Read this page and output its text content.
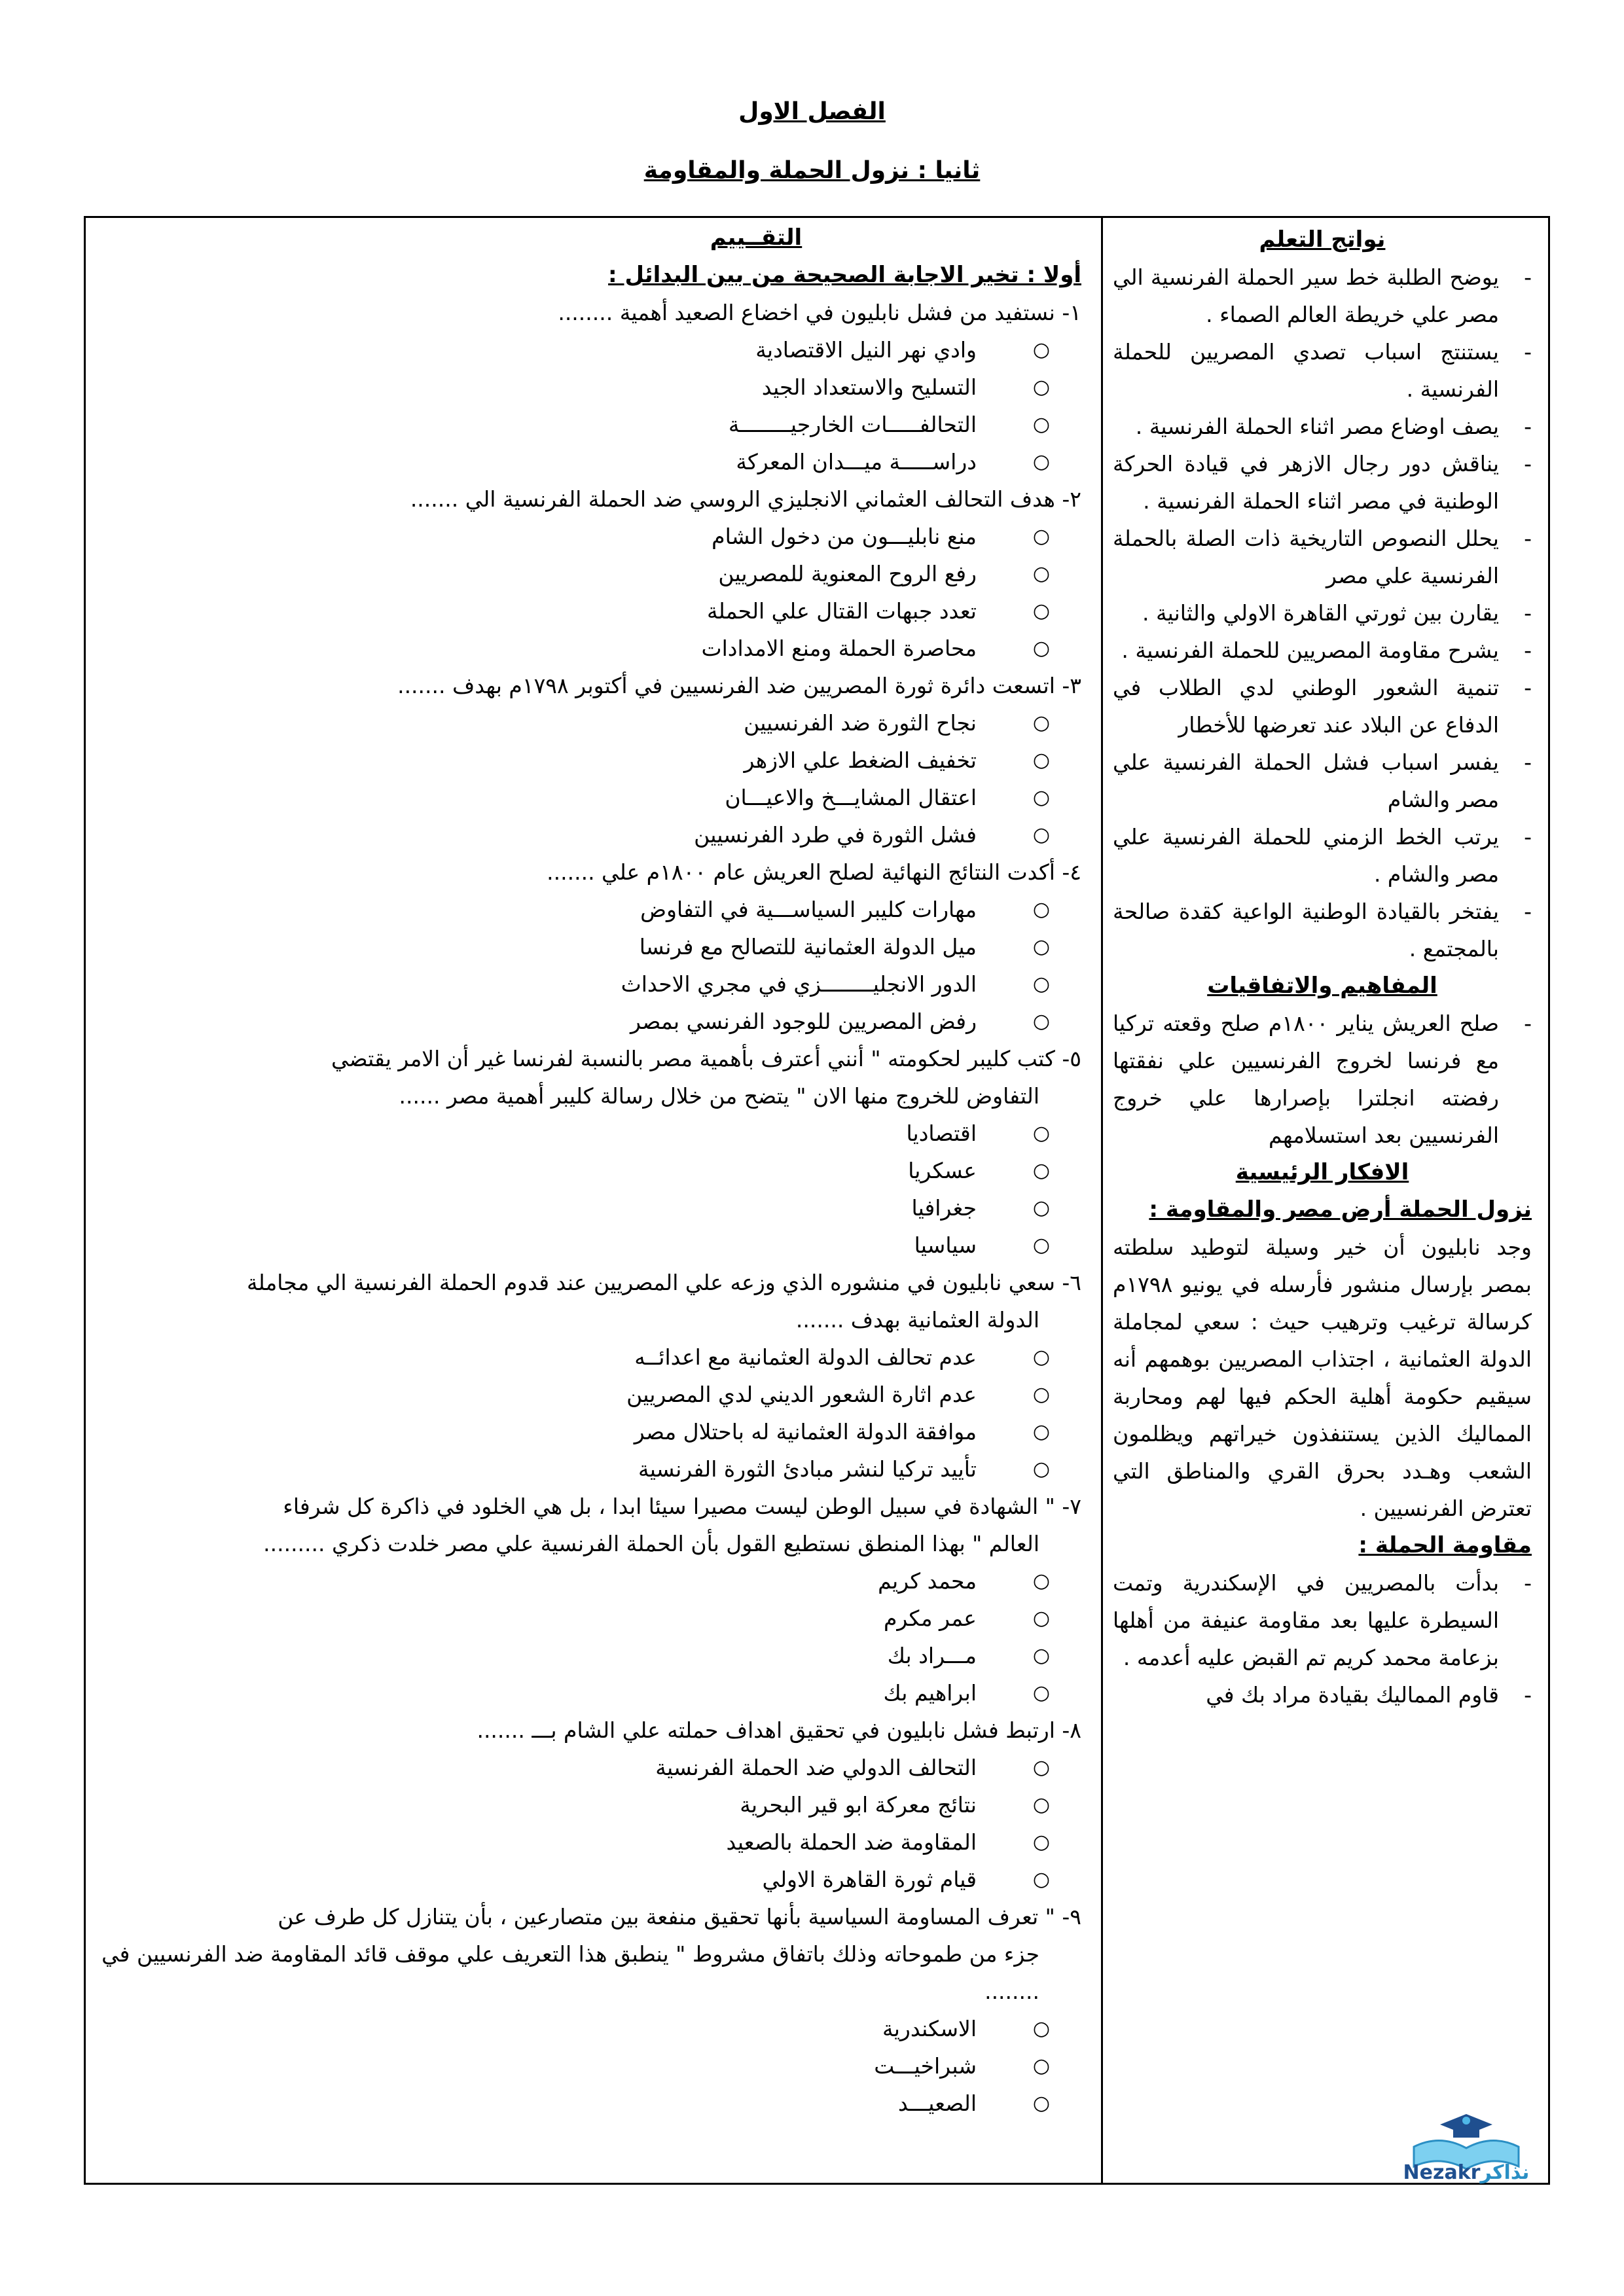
الفصل الاول
ثانيا : نزول الحملة والمقاومة

نواتج التعلم

- يوضح الطلبة خط سير الحملة الفرنسية الي مصر علي خريطة العالم الصماء .
- يستنتج اسباب تصدي المصريين للحملة الفرنسية .
- يصف اوضاع مصر اثناء الحملة الفرنسية .
- يناقش دور رجال الازهر في قيادة الحركة الوطنية في مصر اثناء الحملة الفرنسية .
- يحلل النصوص التاريخية ذات الصلة بالحملة الفرنسية علي مصر
- يقارن بين ثورتي القاهرة الاولي والثانية .
- يشرح مقاومة المصريين للحملة الفرنسية .
- تنمية الشعور الوطني لدي الطلاب في الدفاع عن البلاد عند تعرضها للأخطار
- يفسر اسباب فشل الحملة الفرنسية علي مصر والشام
- يرتب الخط الزمني للحملة الفرنسية علي مصر والشام .
- يفتخر بالقيادة الوطنية الواعية كقدة صالحة بالمجتمع .

المفاهيم والاتفاقيات

- صلح العريش يناير ١٨٠٠م صلح وقعته تركيا مع فرنسا لخروج الفرنسيين علي نفقتها رفضته انجلترا بإصرارها علي خروج الفرنسيين بعد استسلامهم

الافكار الرئيسية

نزول الحملة أرض مصر والمقاومة :

وجد نابليون أن خير وسيلة لتوطيد سلطته بمصر بإرسال منشور فأرسله في يونيو ١٧٩٨م كرسالة ترغيب وترهيب حيث : سعي لمجاملة الدولة العثمانية ، اجتذاب المصريين بوهمهم أنه سيقيم حكومة أهلية الحكم فيها لهم ومحاربة المماليك الذين يستنفذون خيراتهم ويظلمون الشعب وهـدد بحرق القري والمناطق التي تعترض الفرنسيين .

مقاومة الحملة :

- بدأت بالمصريين في الإسكندرية وتمت السيطرة عليها بعد مقاومة عنيفة من أهلها بزعامة محمد كريم تم القبض عليه أعدمه .
- قاوم المماليك بقيادة مراد بك في

التقــييم

أولا : تخير الاجابة الصحيحة من بين البدائل :

١- نستفيد من فشل نابليون في اخضاع الصعيد أهمية ........
○ وادي نهر النيل الاقتصادية
○ التسليح والاستعداد الجيد
○ التحالفـــــات الخارجيــــــــة
○ دراســـــة ميـــدان المعركة
٢- هدف التحالف العثماني الانجليزي الروسي ضد الحملة الفرنسية الي .......
○ منع نابليـــون من دخول الشام
○ رفع الروح المعنوية للمصريين
○ تعدد جبهات القتال علي الحملة
○ محاصرة الحملة ومنع الامدادات
٣- اتسعت دائرة ثورة المصريين ضد الفرنسيين في أكتوبر ١٧٩٨م بهدف .......
○ نجاح الثورة ضد الفرنسيين
○ تخفيف الضغط علي الازهر
○ اعتقال المشايـــخ والاعيـــان
○ فشل الثورة في طرد الفرنسيين
٤- أكدت النتائج النهائية لصلح العريش عام ١٨٠٠م علي .......
○ مهارات كليبر السياســـية في التفاوض
○ ميل الدولة العثمانية للتصالح مع فرنسا
○ الدور الانجليــــــــزي في مجري الاحداث
○ رفض المصريين للوجود الفرنسي بمصر
٥- كتب كليبر لحكومته " أنني أعترف بأهمية مصر بالنسبة لفرنسا غير أن الامر يقتضي
التفاوض للخروج منها الان " يتضح من خلال رسالة كليبر أهمية مصر ......
○ اقتصاديا
○ عسكريا
○ جغرافيا
○ سياسيا
٦- سعي نابليون في منشوره الذي وزعه علي المصريين عند قدوم الحملة الفرنسية الي مجاملة
الدولة العثمانية بهدف .......
○ عدم تحالف الدولة العثمانية مع اعدائــه
○ عدم اثارة الشعور الديني لدي المصريين
○ موافقة الدولة العثمانية له باحتلال مصر
○ تأييد تركيا لنشر مبادئ الثورة الفرنسية
٧- " الشهادة في سبيل الوطن ليست مصيرا سيئا ابدا ، بل هي الخلود في ذاكرة كل شرفاء
العالم " بهذا المنطق نستطيع القول بأن الحملة الفرنسية علي مصر خلدت ذكري .........
○ محمد كريم
○ عمر مكرم
○ مـــراد بك
○ ابراهيم بك
٨- ارتبط فشل نابليون في تحقيق اهداف حملته علي الشام بـــ .......
○ التحالف الدولي ضد الحملة الفرنسية
○ نتائج معركة ابو قير البحرية
○ المقاومة ضد الحملة بالصعيد
○ قيام ثورة القاهرة الاولي
٩- " تعرف المساومة السياسية بأنها تحقيق منفعة بين متصارعين ، بأن يتنازل كل طرف عن
جزء من طموحاته وذلك باتفاق مشروط " ينطبق هذا التعريف علي موقف قائد المقاومة ضد الفرنسيين في ........
○ الاسكندرية
○ شبراخيـــت
○ الصعيـــد
Nezakrنذاكر
